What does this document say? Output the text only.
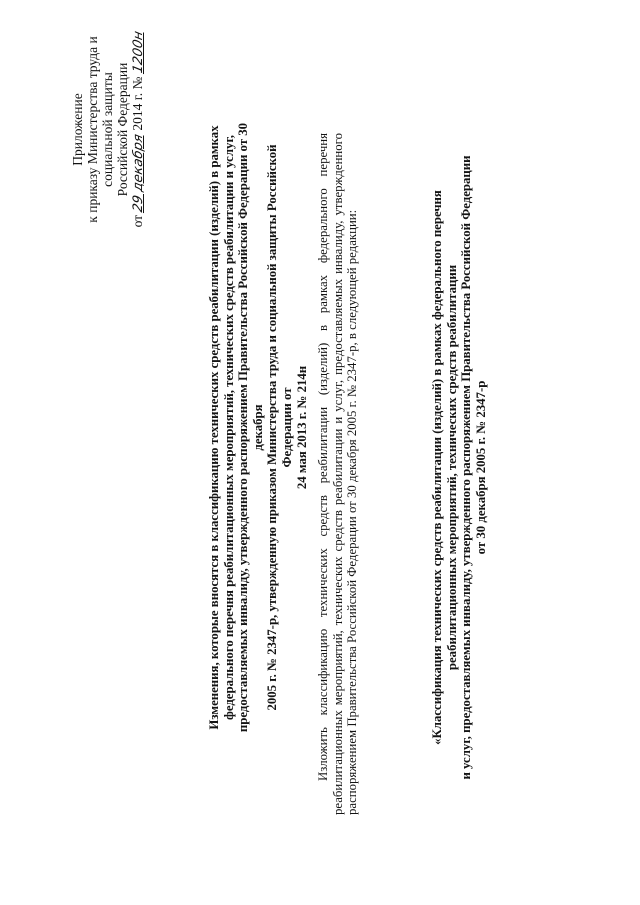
Приложение к приказу Министерства труда и социальной защиты Российской Федерации
от 29 декабря 2014 г. № 1200н
Изменения, которые вносятся в классификацию технических средств реабилитации (изделий) в рамках федерального перечня реабилитационных мероприятий, технических средств реабилитации и услуг, предоставляемых инвалиду, утвержденного распоряжением Правительства Российской Федерации от 30 декабря 2005 г. № 2347-р, утвержденную приказом Министерства труда и социальной защиты Российской Федерации от 24 мая 2013 г. № 214н Изложить классификацию технических средств реабилитации (изделий) в рамках федерального перечня реабилитационных мероприятий, технических средств реабилитации и услуг, предоставляемых инвалиду, утвержденного распоряжением Правительства Российской Федерации от 30 декабря 2005 г. № 2347-р, в следующей редакции:	«Классификация технических средств реабилитации (изделий) в рамках федерального перечня реабилитационных мероприятий, технических средств реабилитации и услуг, предоставляемых инвалиду, утвержденного распоряжением Правительства Российской Федерации от 30 декабря 2005 г. № 2347-р
